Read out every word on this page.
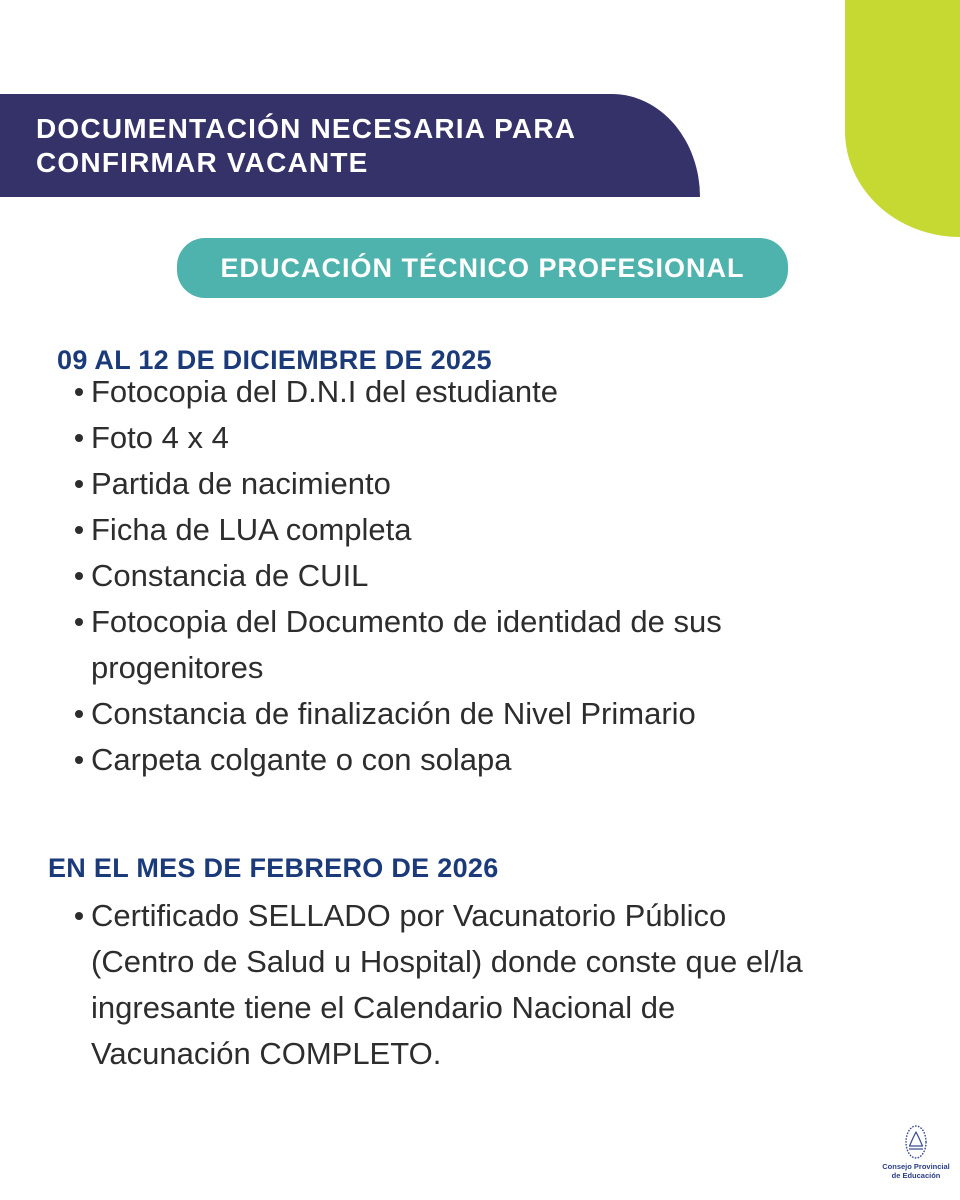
DOCUMENTACIÓN NECESARIA PARA
CONFIRMAR VACANTE
EDUCACIÓN TÉCNICO PROFESIONAL
09 AL 12 DE DICIEMBRE DE 2025
Fotocopia del D.N.I del estudiante
Foto 4 x 4
Partida de nacimiento
Ficha de LUA completa
Constancia de CUIL
Fotocopia del Documento de identidad de sus progenitores
Constancia de finalización de Nivel Primario
Carpeta colgante o con solapa
EN EL MES DE FEBRERO DE 2026
Certificado SELLADO por Vacunatorio Público (Centro de Salud u Hospital) donde conste que el/la ingresante tiene el Calendario Nacional de Vacunación COMPLETO.
Consejo Provincial
de Educación
